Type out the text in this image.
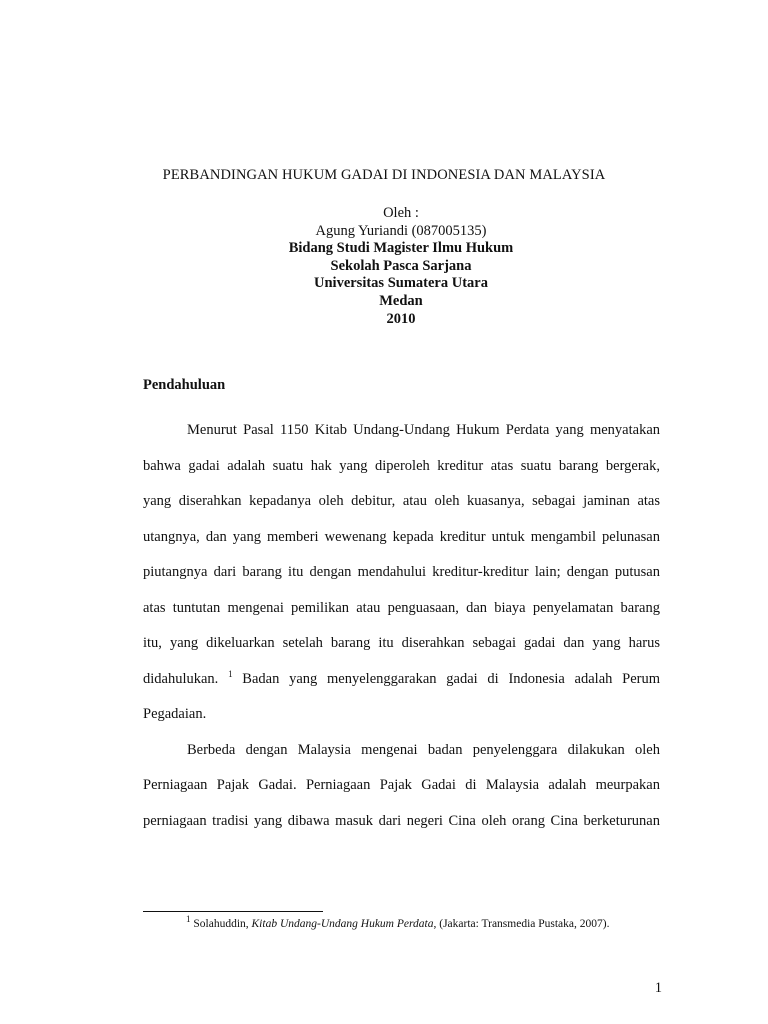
PERBANDINGAN HUKUM GADAI DI INDONESIA DAN MALAYSIA
Oleh :
Agung Yuriandi (087005135)
Bidang Studi Magister Ilmu Hukum
Sekolah Pasca Sarjana
Universitas Sumatera Utara
Medan
2010
Pendahuluan
Menurut Pasal 1150 Kitab Undang-Undang Hukum Perdata yang menyatakan
bahwa gadai adalah suatu hak yang diperoleh kreditur atas suatu barang bergerak,
yang diserahkan kepadanya oleh debitur, atau oleh kuasanya, sebagai jaminan atas
utangnya, dan yang memberi wewenang kepada kreditur untuk mengambil pelunasan
piutangnya dari barang itu dengan mendahului kreditur-kreditur lain; dengan putusan
atas tuntutan mengenai pemilikan atau penguasaan, dan biaya penyelamatan barang
itu, yang dikeluarkan setelah barang itu diserahkan sebagai gadai dan yang harus
didahulukan. $^1$ Badan yang menyelenggarakan gadai di Indonesia adalah Perum
Pegadaian.
Berbeda dengan Malaysia mengenai badan penyelenggara dilakukan oleh
Perniagaan Pajak Gadai. Perniagaan Pajak Gadai di Malaysia adalah meurpakan
perniagaan tradisi yang dibawa masuk dari negeri Cina oleh orang Cina berketurunan
$^1$ Solahuddin, Kitab Undang-Undang Hukum Perdata, (Jakarta: Transmedia Pustaka, 2007).
1
